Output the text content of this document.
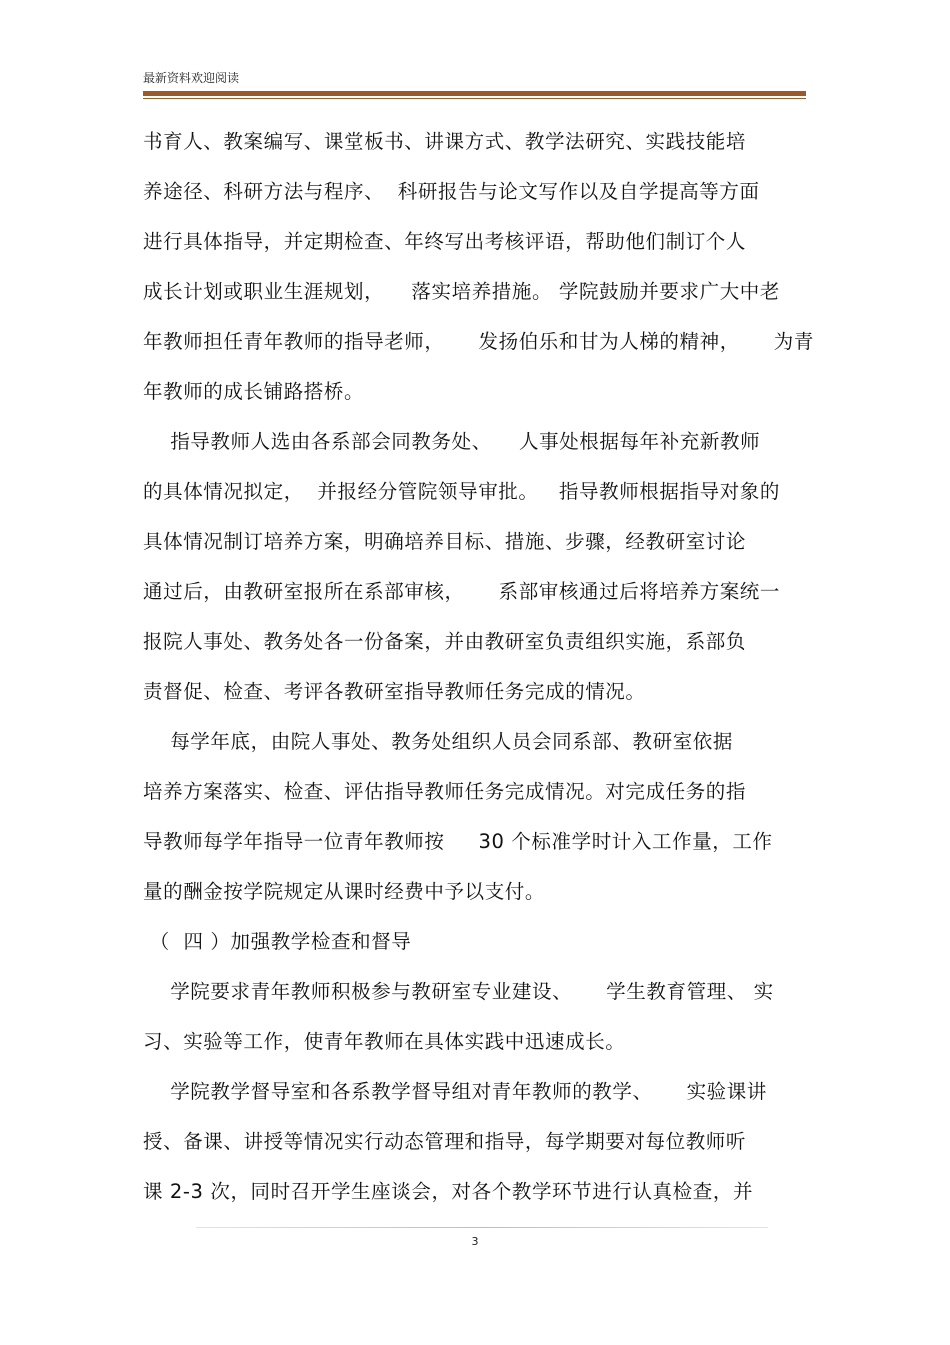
最新资料欢迎阅读
书育人、教案编写、课堂板书、讲课方式、教学法研究、实践技能培
养途径、科研方法与程序、  科研报告与论文写作以及自学提高等方面
进行具体指导，并定期检查、年终写出考核评语，帮助他们制订个人
成长计划或职业生涯规划，    落实培养措施。 学院鼓励并要求广大中老
年教师担任青年教师的指导老师，     发扬伯乐和甘为人梯的精神，     为青
年教师的成长铺路搭桥。
指导教师人选由各系部会同教务处、    人事处根据每年补充新教师
的具体情况拟定，  并报经分管院领导审批。   指导教师根据指导对象的
具体情况制订培养方案，明确培养目标、措施、步骤，经教研室讨论
通过后，由教研室报所在系部审核，     系部审核通过后将培养方案统一
报院人事处、教务处各一份备案，并由教研室负责组织实施，系部负
责督促、检查、考评各教研室指导教师任务完成的情况。
每学年底，由院人事处、教务处组织人员会同系部、教研室依据
培养方案落实、检查、评估指导教师任务完成情况。对完成任务的指
导教师每学年指导一位青年教师按     30 个标准学时计入工作量，工作
量的酬金按学院规定从课时经费中予以支付。
（  四 ）加强教学检查和督导
学院要求青年教师积极参与教研室专业建设、     学生教育管理、 实
习、实验等工作，使青年教师在具体实践中迅速成长。
学院教学督导室和各系教学督导组对青年教师的教学、     实验课讲
授、备课、讲授等情况实行动态管理和指导，每学期要对每位教师听
课 2-3 次，同时召开学生座谈会，对各个教学环节进行认真检查，并
3
